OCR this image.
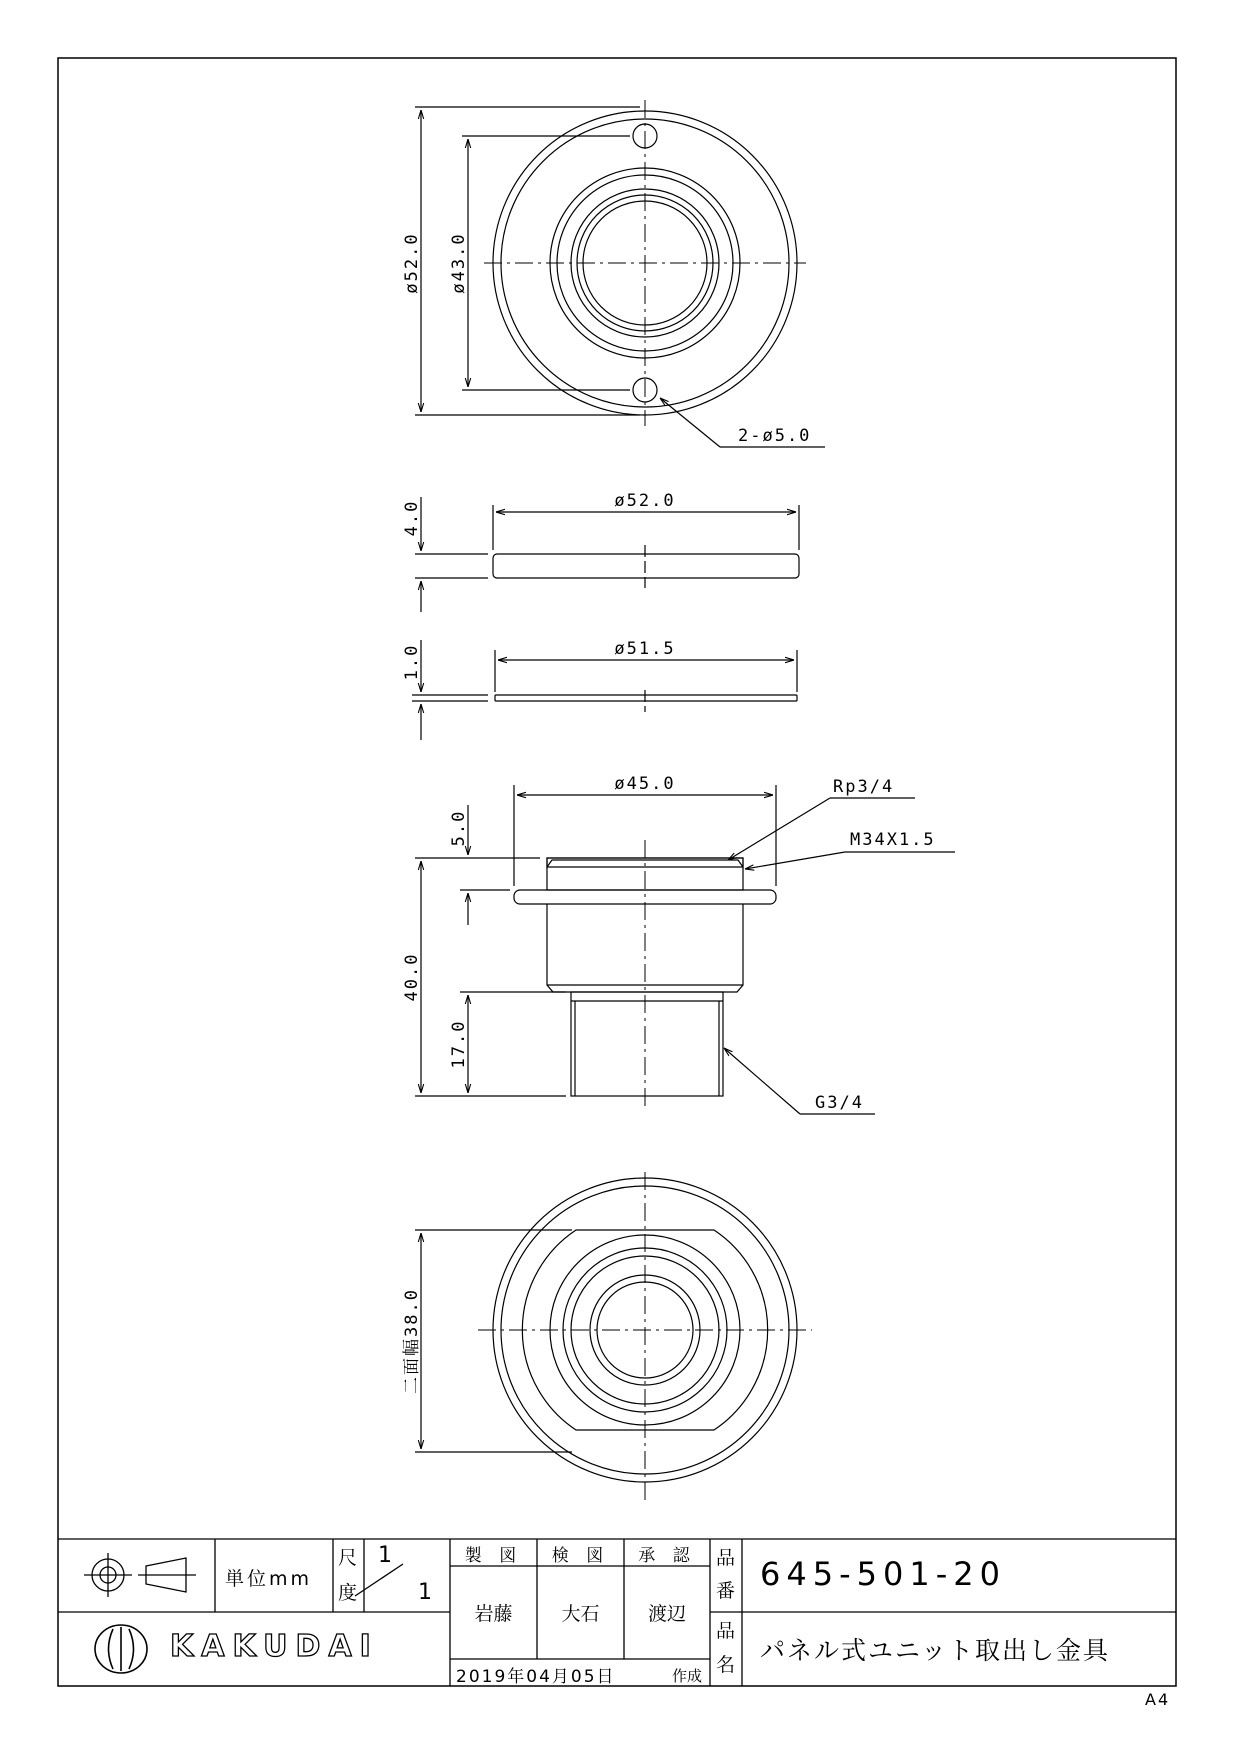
ø52.0 ø43.0
2-ø5.0
ø52.0
4.0
ø51.5
1.0
ø45.0
5.0
40.0
17.0
Rp3/4
M34X1.5
G3/4
二面幅38.0
単位mm
尺
度
1
1
製 図	検 図	承 認
岩藤	大石	渡辺
品
番 645-501-20
品
名 パネル式ユニット取出し金具
2019年04月05日	作成
KAKUDAI
A4
